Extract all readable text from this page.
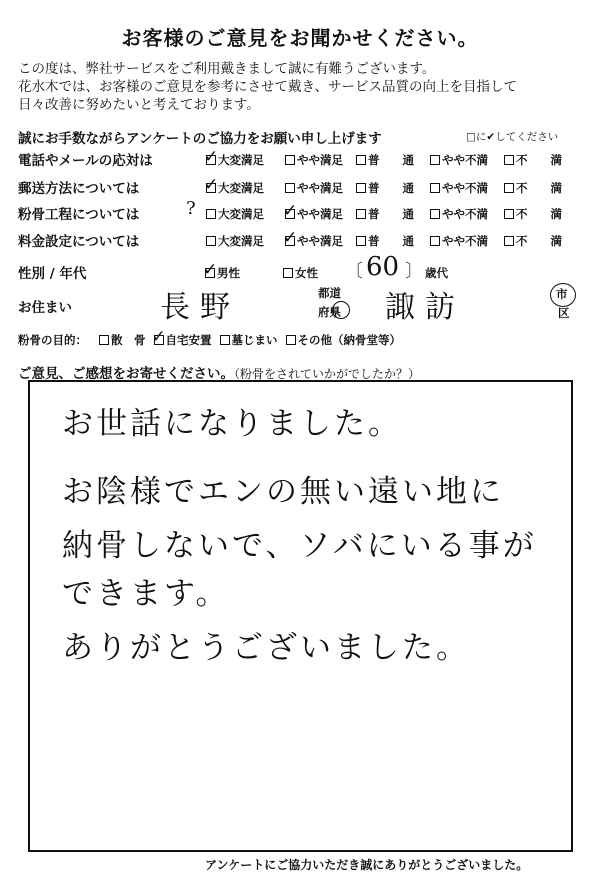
お客様のご意見をお聞かせください。
この度は、弊社サービスをご利用戴きまして誠に有難うございます。
花水木では、お客様のご意見を参考にさせて戴き、サービス品質の向上を目指して
日々改善に努めたいと考えております。
誠にお手数ながらアンケートのご協力をお願い申し上げます	□に✔してください
電話やメールの応対は	✓ 大変満足	やや満足 普　　通 やや不満 不　　満
郵送方法については	✓ 大変満足	やや満足 普　　通 やや不満 不　　満
粉骨工程については	? 大変満足 ✓ やや満足 普　　通 やや不満 不　　満
料金設定については	大変満足 ✓ やや満足 普　　通 やや不満 不　　満
性別 / 年代	✓ 男性	女性 〔 60 〕 歳代
お住まい	長野	都道
府県 諏訪	市
区
粉骨の目的： 散　骨 ✓ 自宅安置 墓じまい その他（納骨堂等）
ご意見、ご感想をお寄せください。（粉骨をされていかがでしたか？）
お世話になりました。
お陰様でエンの無い遠い地に
納骨しないで、ソバにいる事が
できます。
ありがとうございました。
アンケートにご協力いただき誠にありがとうございました。
